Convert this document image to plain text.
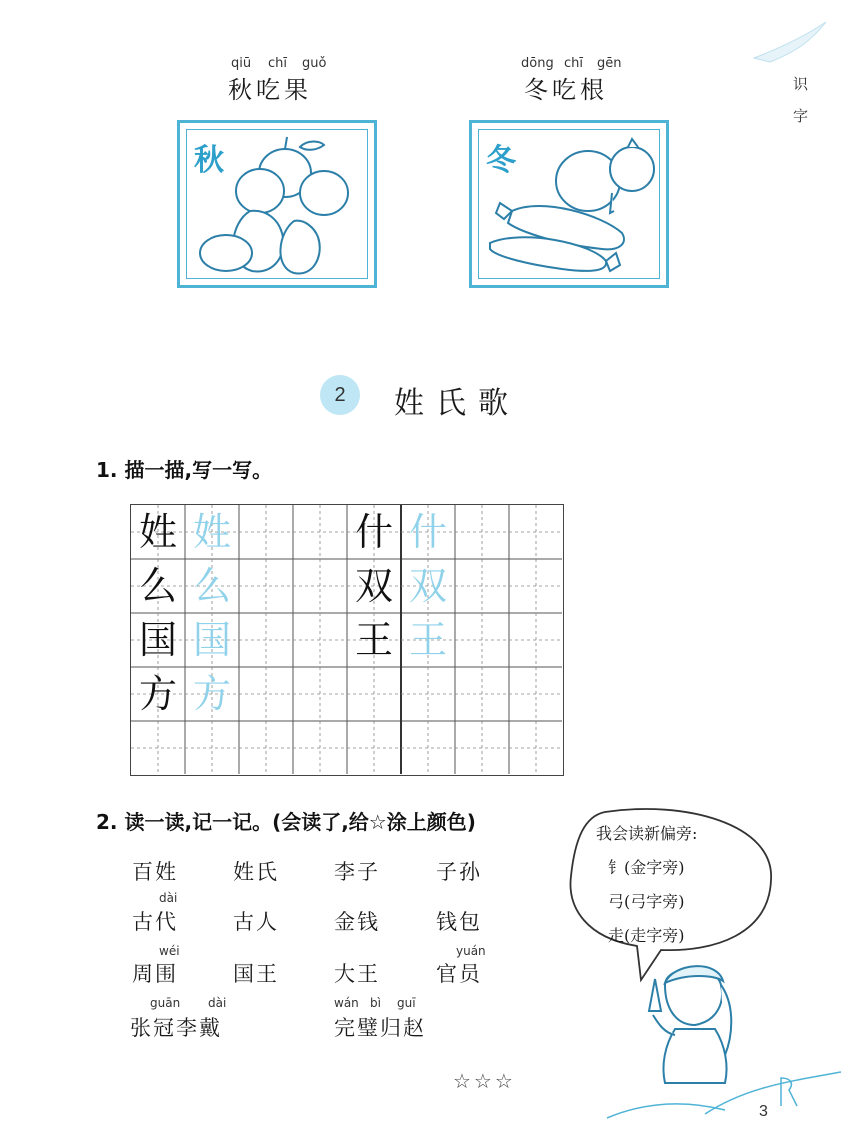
qiū chī guǒ
秋吃果
dōng chī gēn
冬吃根
秋	冬
识
字
2	姓氏歌
1. 描一描,写一写。
姓 姓
么 么
国 国
方 方
什 什
双 双
王 王
2. 读一读,记一记。(会读了,给☆涂上颜色)
百姓	姓氏	李子	子孙
dài
古代	古人	金钱	钱包
wéi	yuán
周围	国王	大王	官员
guān dài	wán bì guī
张冠李戴	完璧归赵
我会读新偏旁:
钅(金字旁)
弓(弓字旁)
走(走字旁)
☆☆☆
3
